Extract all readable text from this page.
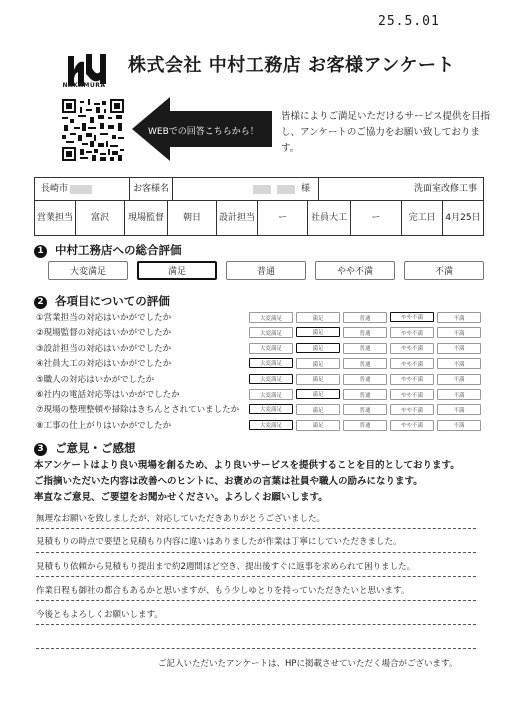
25.5.01
NAKAMURA
株式会社 中村工務店 お客様アンケート
WEBでの回答こちらから！
皆様によりご満足いただけるサービス提供を目指し、アンケートのご協力をお願い致しております。
長崎市	お客様名	様	洗面室改修工事
営業担当	富沢	現場監督	朝日	設計担当	ー	社員大工	ー	完工日	4月25日
1 中村工務店への総合評価
大変満足	満足	普通	やや不満	不満
2 各項目についての評価
①営業担当の対応はいかがでしたか	大変満足	満足	普通	やや不満	不満
②現場監督の対応はいかがでしたか	大変満足	満足	普通	やや不満	不満
③設計担当の対応はいかがでしたか	大変満足	満足	普通	やや不満	不満
④社員大工の対応はいかがでしたか	大変満足	満足	普通	やや不満	不満
⑤職人の対応はいかがでしたか	大変満足	満足	普通	やや不満	不満
⑥社内の電話対応等はいかがでしたか	大変満足	満足	普通	やや不満	不満
⑦現場の整理整頓や掃除はきちんとされていましたか	大変満足	満足	普通	やや不満	不満
⑧工事の仕上がりはいかがでしたか	大変満足	満足	普通	やや不満	不満
3 ご意見・ご感想
本アンケートはより良い現場を創るため、より良いサービスを提供することを目的としております。
ご指摘いただいた内容は改善へのヒントに、お褒めの言葉は社員や職人の励みになります。
率直なご意見、ご要望をお聞かせください。よろしくお願いします。
無理なお願いを致しましたが、対応していただきありがとうございました。
見積もりの時点で要望と見積もり内容に違いはありましたが作業は丁寧にしていただきました。
見積もり依頼から見積もり提出まで約2週間ほど空き、提出後すぐに返事を求められて困りました。
作業日程も御社の都合もあるかと思いますが、もう少しゆとりを持っていただきたいと思います。
今後ともよろしくお願いします。
ご記入いただいたアンケートは、HPに掲載させていただく場合がございます。
